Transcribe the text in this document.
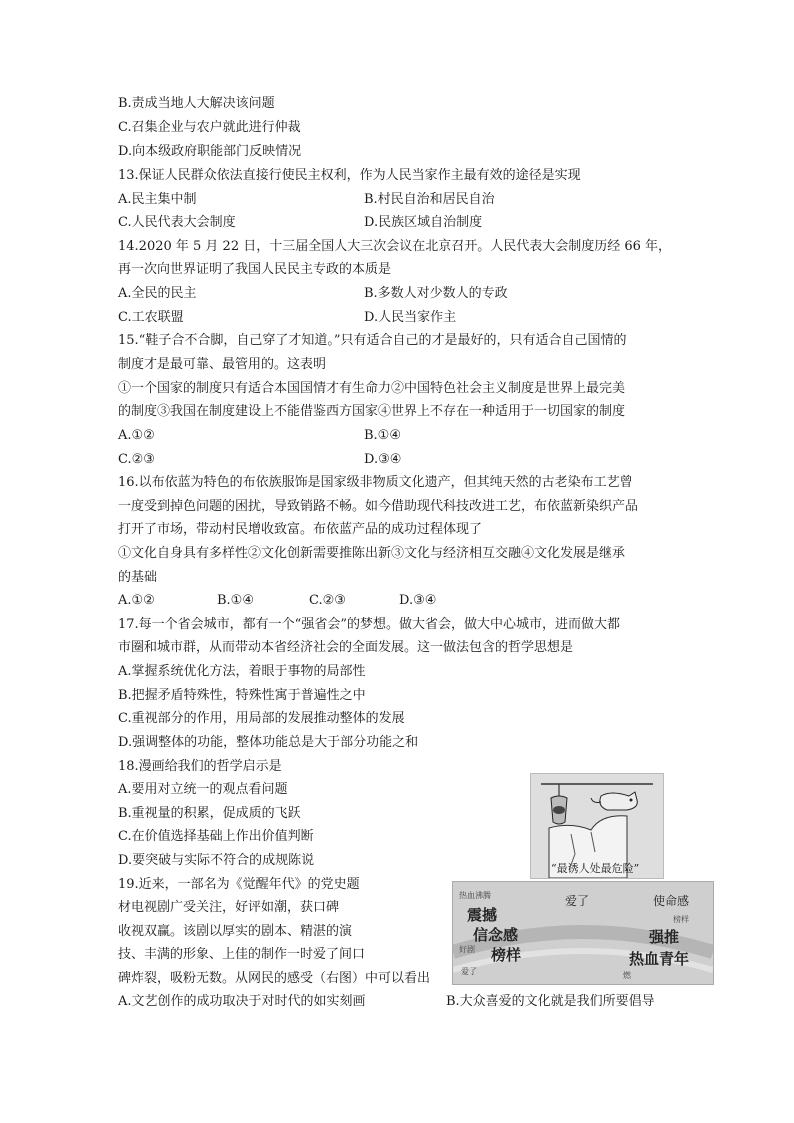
B.责成当地人大解决该问题
C.召集企业与农户就此进行仲裁
D.向本级政府职能部门反映情况
13.保证人民群众依法直接行使民主权利，作为人民当家作主最有效的途径是实现
A.民主集中制	B.村民自治和居民自治
C.人民代表大会制度	D.民族区域自治制度
14.2020 年 5 月 22 日，十三届全国人大三次会议在北京召开。人民代表大会制度历经 66 年，
再一次向世界证明了我国人民民主专政的本质是
A.全民的民主	B.多数人对少数人的专政
C.工农联盟	D.人民当家作主
15.“鞋子合不合脚，自己穿了才知道。”只有适合自己的才是最好的，只有适合自己国情的
制度才是最可靠、最管用的。这表明
①一个国家的制度只有适合本国国情才有生命力②中国特色社会主义制度是世界上最完美
的制度③我国在制度建设上不能借鉴西方国家④世界上不存在一种适用于一切国家的制度
A.①②	B.①④
C.②③	D.③④
16.以布依蓝为特色的布依族服饰是国家级非物质文化遗产，但其纯天然的古老染布工艺曾
一度受到掉色问题的困扰，导致销路不畅。如今借助现代科技改进工艺，布依蓝新染织产品
打开了市场，带动村民增收致富。布依蓝产品的成功过程体现了
①文化自身具有多样性②文化创新需要推陈出新③文化与经济相互交融④文化发展是继承
的基础
A.①②	B.①④	C.②③	D.③④
17.每一个省会城市，都有一个“强省会”的梦想。做大省会，做大中心城市，进而做大都
市圈和城市群，从而带动本省经济社会的全面发展。这一做法包含的哲学思想是
A.掌握系统优化方法，着眼于事物的局部性
B.把握矛盾特殊性，特殊性寓于普遍性之中
C.重视部分的作用，用局部的发展推动整体的发展
D.强调整体的功能，整体功能总是大于部分功能之和
18.漫画给我们的哲学启示是
A.要用对立统一的观点看问题
B.重视量的积累，促成质的飞跃
C.在价值选择基础上作出价值判断
D.要突破与实际不符合的成规陈说
“最诱人处最危险”
19.近来，一部名为《觉醒年代》的党史题
材电视剧广受关注，好评如潮，获口碑
收视双赢。该剧以厚实的剧本、精湛的演
技、丰满的形象、上佳的制作一时爱了间口
碑炸裂，吸粉无数。从网民的感受（右图）中可以看出
A.文艺创作的成功取决于对时代的如实刻画	B.大众喜爱的文化就是我们所要倡导
热血沸腾	爱了	使命感
震撼	榜样
信念感	强推
好剧 榜样	热血青年
爱了	燃
